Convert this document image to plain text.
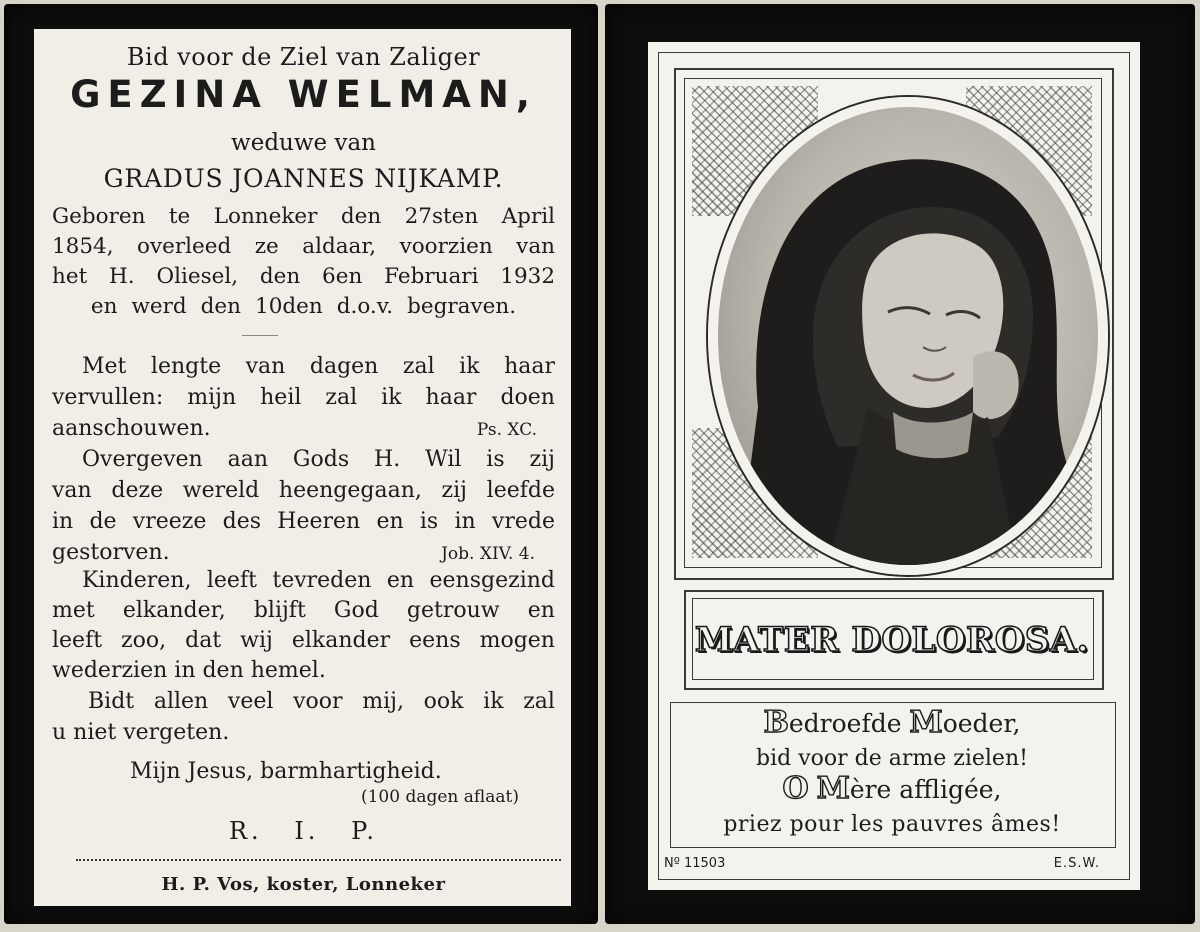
Bid voor de Ziel van Zaliger
GEZINA WELMAN,
weduwe van
GRADUS JOANNES NIJKAMP.
Geboren te Lonneker den 27sten April
1854, overleed ze aldaar, voorzien van
het H. Oliesel, den 6en Februari 1932
en werd den 10den d.o.v. begraven.
Met lengte van dagen zal ik haar
vervullen: mijn heil zal ik haar doen
aanschouwen.	Ps. XC.
Overgeven aan Gods H. Wil is zij
van deze wereld heengegaan, zij leefde
in de vreeze des Heeren en is in vrede
gestorven.	Job. XIV. 4.
Kinderen, leeft tevreden en eensgezind
met elkander, blijft God getrouw en
leeft zoo, dat wij elkander eens mogen
wederzien in den hemel.
Bidt allen veel voor mij, ook ik zal
u niet vergeten.
Mijn Jesus, barmhartigheid.
(100 dagen aflaat)
R. I. P.
H. P. Vos, koster, Lonneker
MATER DOLOROSA.
Bedroefde Moeder,
bid voor de arme zielen!
O Mère affligée,
priez pour les pauvres âmes!
Nº 11503	E.S.W.
